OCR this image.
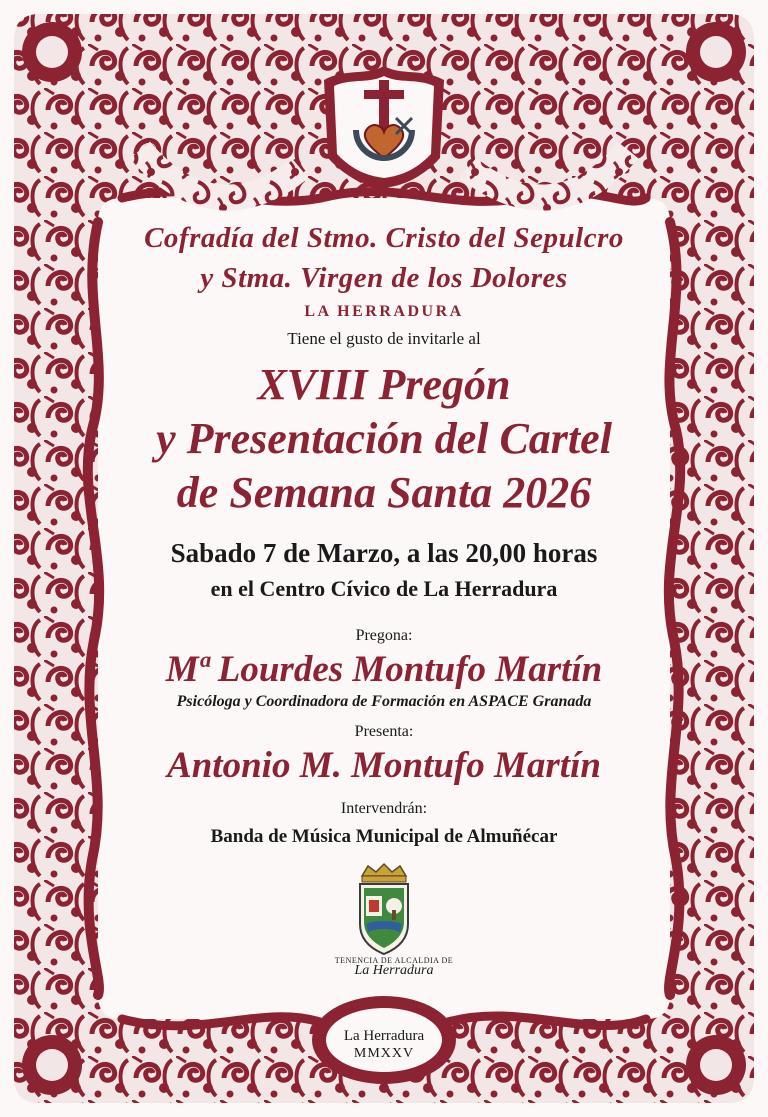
Cofradía del Stmo. Cristo del Sepulcro

y Stma. Virgen de los Dolores

LA HERRADURA

Tiene el gusto de invitarle al

XVIII Pregón

y Presentación del Cartel

de Semana Santa 2026

Sabado 7 de Marzo, a las 20,00 horas

en el Centro Cívico de La Herradura

Pregona:

Mª Lourdes Montufo Martín

Psicóloga y Coordinadora de Formación en ASPACE Granada

Presenta:

Antonio M. Montufo Martín

Intervendrán:

Banda de Música Municipal de Almuñécar

TENENCIA DE ALCALDIA DE

La Herradura

La Herradura

MMXXV
